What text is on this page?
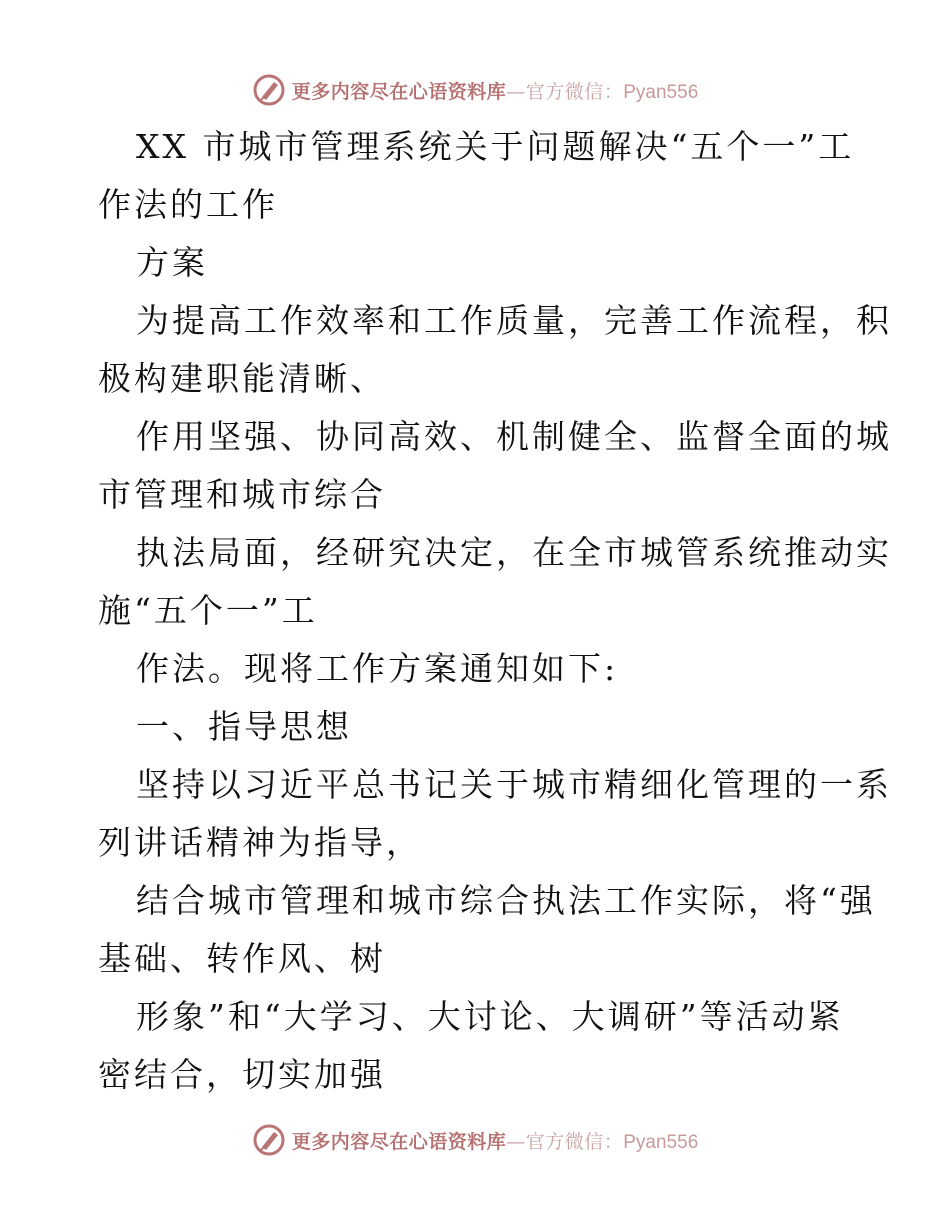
更多内容尽在心语资料库—官方微信：Pyan556
XX 市城市管理系统关于问题解决“五个一”工
作法的工作
方案
为提高工作效率和工作质量，完善工作流程，积
极构建职能清晰、
作用坚强、协同高效、机制健全、监督全面的城
市管理和城市综合
执法局面，经研究决定，在全市城管系统推动实
施“五个一”工
作法。现将工作方案通知如下:
一、指导思想
坚持以习近平总书记关于城市精细化管理的一系
列讲话精神为指导，
结合城市管理和城市综合执法工作实际，将“强
基础、转作风、树
形象”和“大学习、大讨论、大调研”等活动紧
密结合，切实加强
更多内容尽在心语资料库—官方微信：Pyan556
